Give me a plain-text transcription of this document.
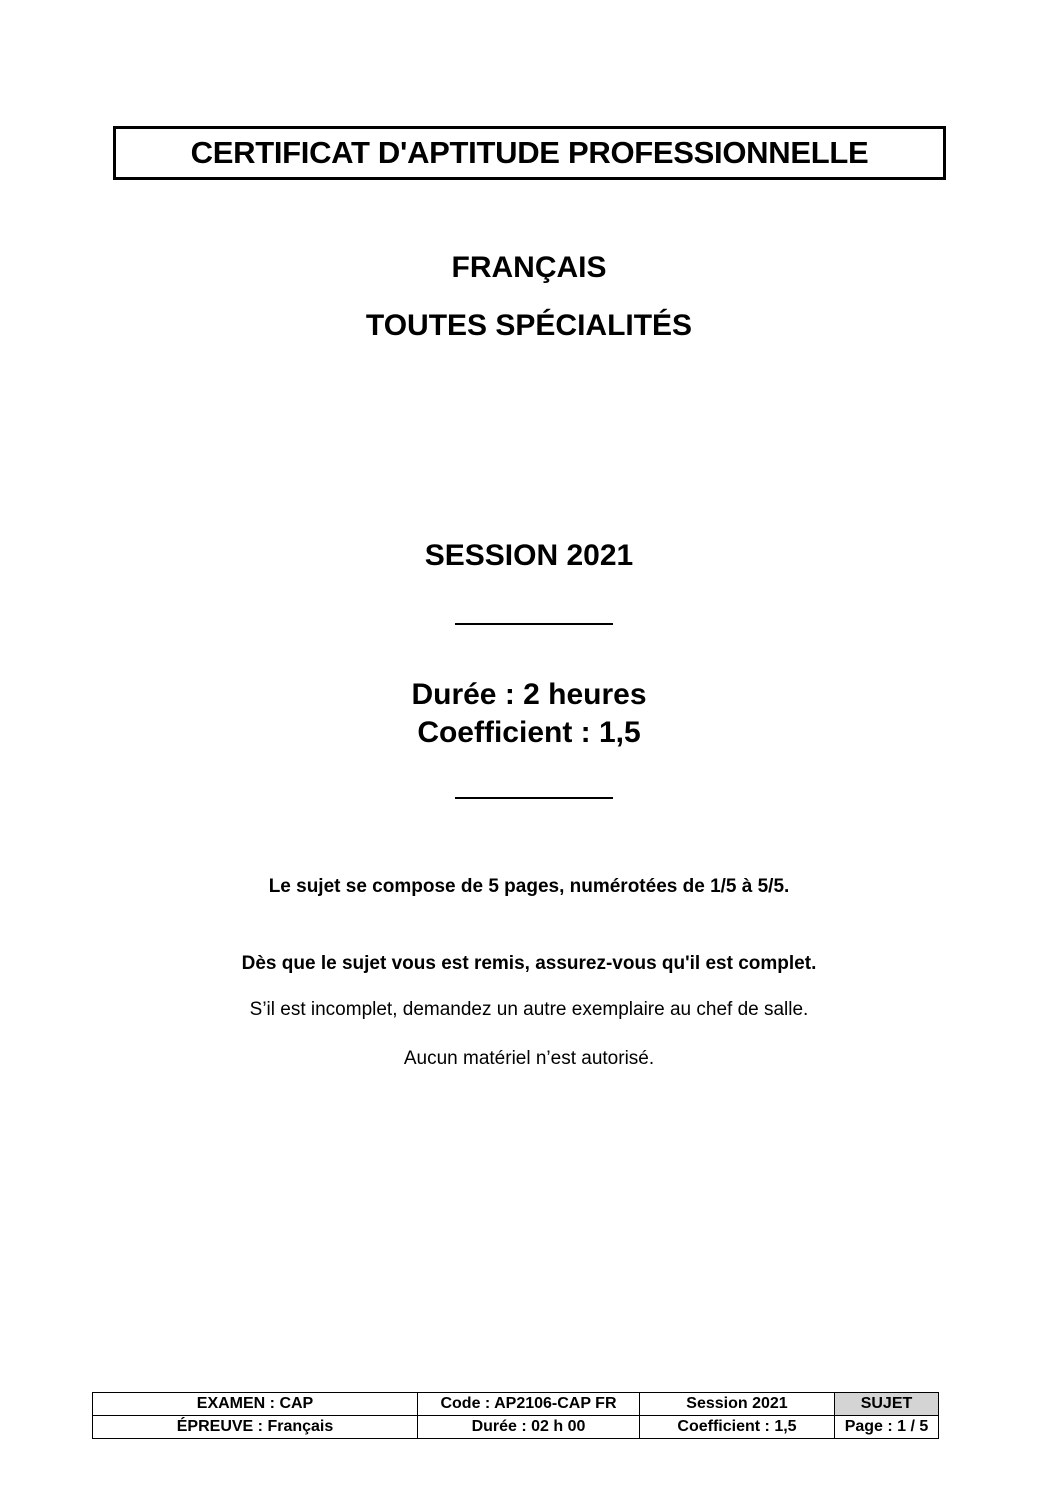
CERTIFICAT D'APTITUDE PROFESSIONNELLE
FRANÇAIS
TOUTES SPÉCIALITÉS
SESSION 2021
Durée : 2 heures
Coefficient : 1,5
Le sujet se compose de 5 pages, numérotées de 1/5 à 5/5.
Dès que le sujet vous est remis, assurez-vous qu'il est complet.
S’il est incomplet, demandez un autre exemplaire au chef de salle.
Aucun matériel n’est autorisé.
EXAMEN : CAP	Code : AP2106-CAP FR	Session 2021	SUJET
ÉPREUVE : Français	Durée : 02 h 00	Coefficient : 1,5	Page : 1 / 5
